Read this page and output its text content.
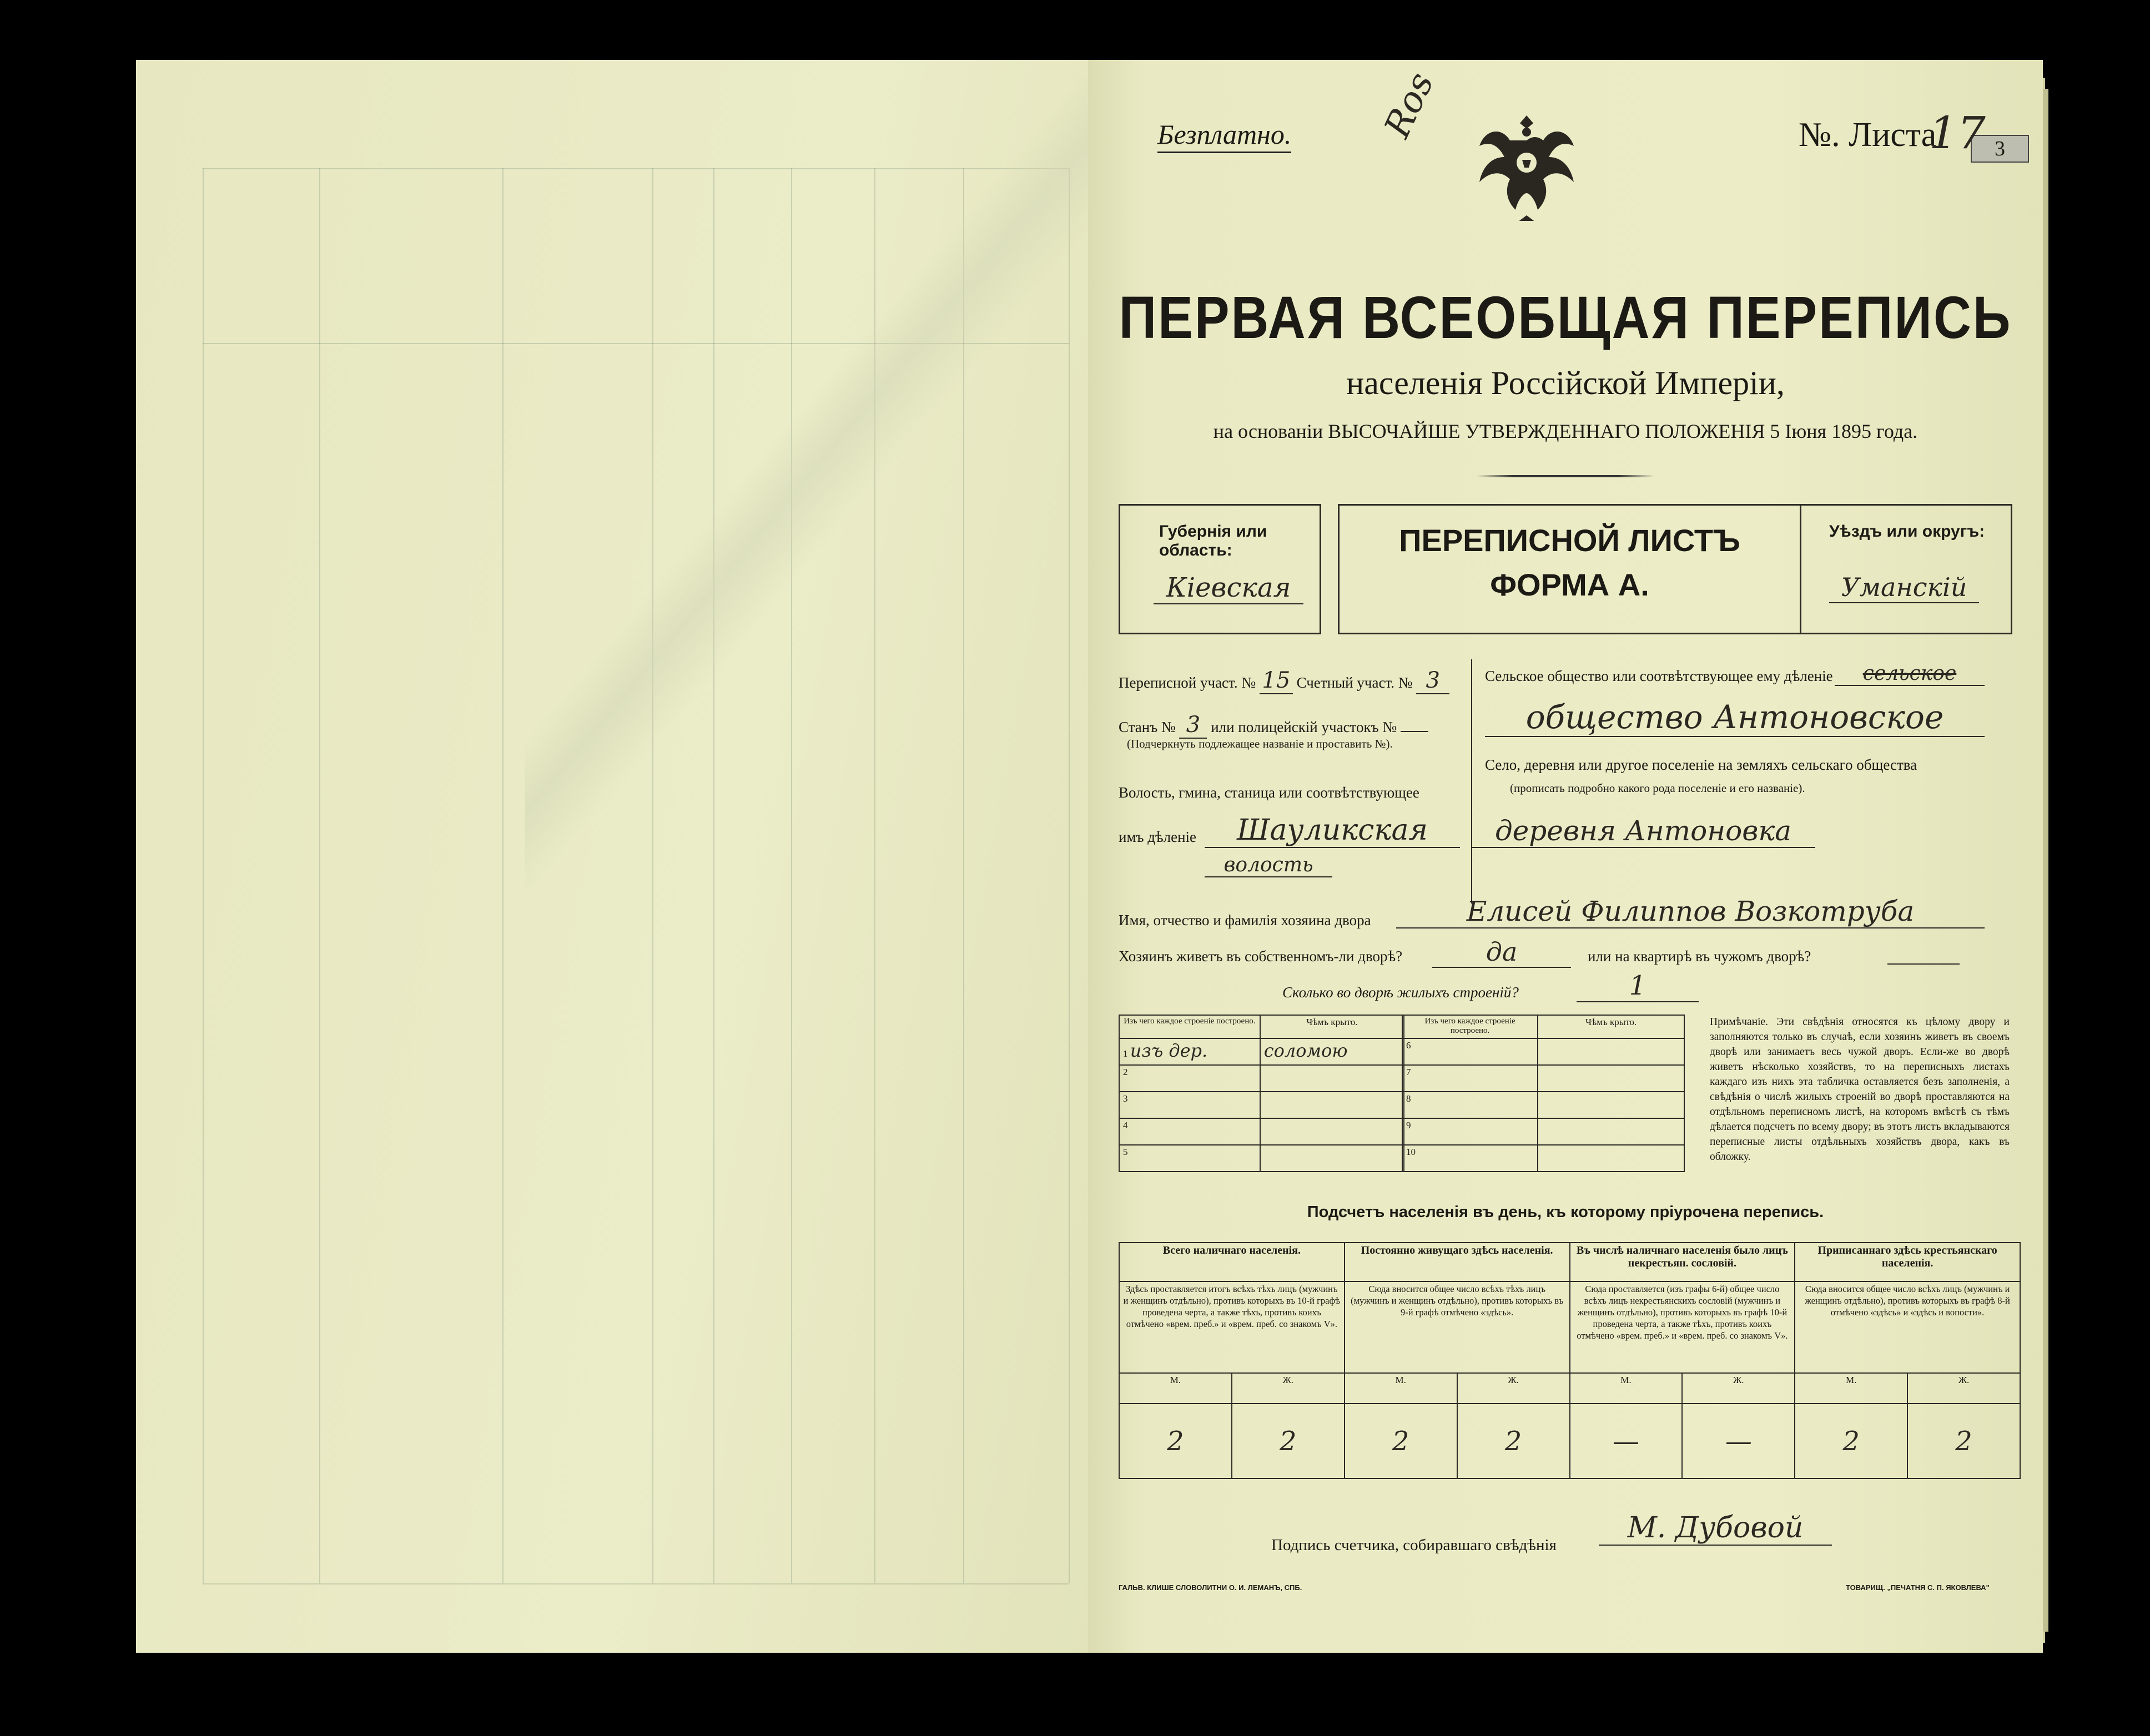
Безплатно. Ros	№. Листа	3
17
ПЕРВАЯ ВСЕОБЩАЯ ПЕРЕПИСЬ
населенія Россійской Имперіи,
на основаніи ВЫСОЧАЙШЕ УТВЕРЖДЕННАГО ПОЛОЖЕНІЯ 5 Іюня 1895 года.
Губернія или область:
Кіевская
ПЕРЕПИСНОЙ ЛИСТЪ
ФОРМА А.
Уѣздъ или округъ:
Уманскій
Переписной участ. № 15 Счетный участ. № 3
Станъ № 3 или полицейскій участокъ №
(Подчеркнуть подлежащее названіе и проставить №).
Волость, гмина, станица или соотвѣтствующее
имъ дѣленіе	Шауликская
волость
Сельское общество или соотвѣтствующее ему дѣленіе	сельское
общество Антоновское
Село, деревня или другое поселеніе на земляхъ сельскаго общества
(прописать подробно какого рода поселеніе и его названіе).
деревня Антоновка
Имя, отчество и фамилія хозяина двора	Елисей Филиппов Возкотруба
Хозяинъ живетъ въ собственномъ-ли дворѣ?	да	или на квартирѣ въ чужомъ дворѣ?
Сколько во дворѣ жилыхъ строеній?	1
Изъ чего каждое строеніе построено.	Чѣмъ крыто.
1 изъ дер.	соломою
2	
3	
4	
5	
Изъ чего каждое строеніе построено.	Чѣмъ крыто.
6	
7	
8	
9	
10	
Примѣчаніе. Эти свѣдѣнія относятся къ цѣлому двору и заполняются только въ случаѣ, если хозяинъ живетъ въ своемъ дворѣ или занимаетъ весь чужой дворъ. Если-же во дворѣ живетъ нѣсколько хозяйствъ, то на переписныхъ листахъ каждаго изъ нихъ эта табличка оставляется безъ заполненія, а свѣдѣнія о числѣ жилыхъ строеній во дворѣ проставляются на отдѣльномъ переписномъ листѣ, на которомъ вмѣстѣ съ тѣмъ дѣлается подсчетъ по всему двору; въ этотъ листъ вкладываются переписные листы отдѣльныхъ хозяйствъ двора, какъ въ обложку.
Подсчетъ населенія въ день, къ которому пріурочена перепись.
Всего наличнаго населенія.		Постоянно живущаго здѣсь населенія.		Въ числѣ наличнаго населенія было лицъ некрестьян. сословій.		Приписаннаго здѣсь крестьянскаго населенія.	
Здѣсь проставляется итогъ всѣхъ тѣхъ лицъ (мужчинъ и женщинъ отдѣльно), противъ которыхъ въ 10-й графѣ проведена черта, а также тѣхъ, противъ коихъ отмѣчено «врем. преб.» и «врем. преб. со знакомъ V».		Сюда вносится общее число всѣхъ тѣхъ лицъ (мужчинъ и женщинъ отдѣльно), противъ которыхъ въ 9-й графѣ отмѣчено «здѣсь».		Сюда проставляется (изъ графы 6-й) общее число всѣхъ лицъ некрестьянскихъ сословій (мужчинъ и женщинъ отдѣльно), противъ которыхъ въ графѣ 10-й проведена черта, а также тѣхъ, противъ коихъ отмѣчено «врем. преб.» и «врем. преб. со знакомъ V».		Сюда вносится общее число всѣхъ лицъ (мужчинъ и женщинъ отдѣльно), противъ которыхъ въ графѣ 8-й отмѣчено «здѣсь» и «здѣсь и вопости».	
М.	Ж.	М.	Ж.	М.	Ж.	М.	Ж.
2	2	2	2	—	—	2	2
Подпись счетчика, собиравшаго свѣдѣнія
М. Дубовой
ГАЛЬВ. КЛИШЕ СЛОВОЛИТНИ О. И. ЛЕМАНЪ, СПБ.	ТОВАРИЩ. „ПЕЧАТНЯ С. П. ЯКОВЛЕВА"
